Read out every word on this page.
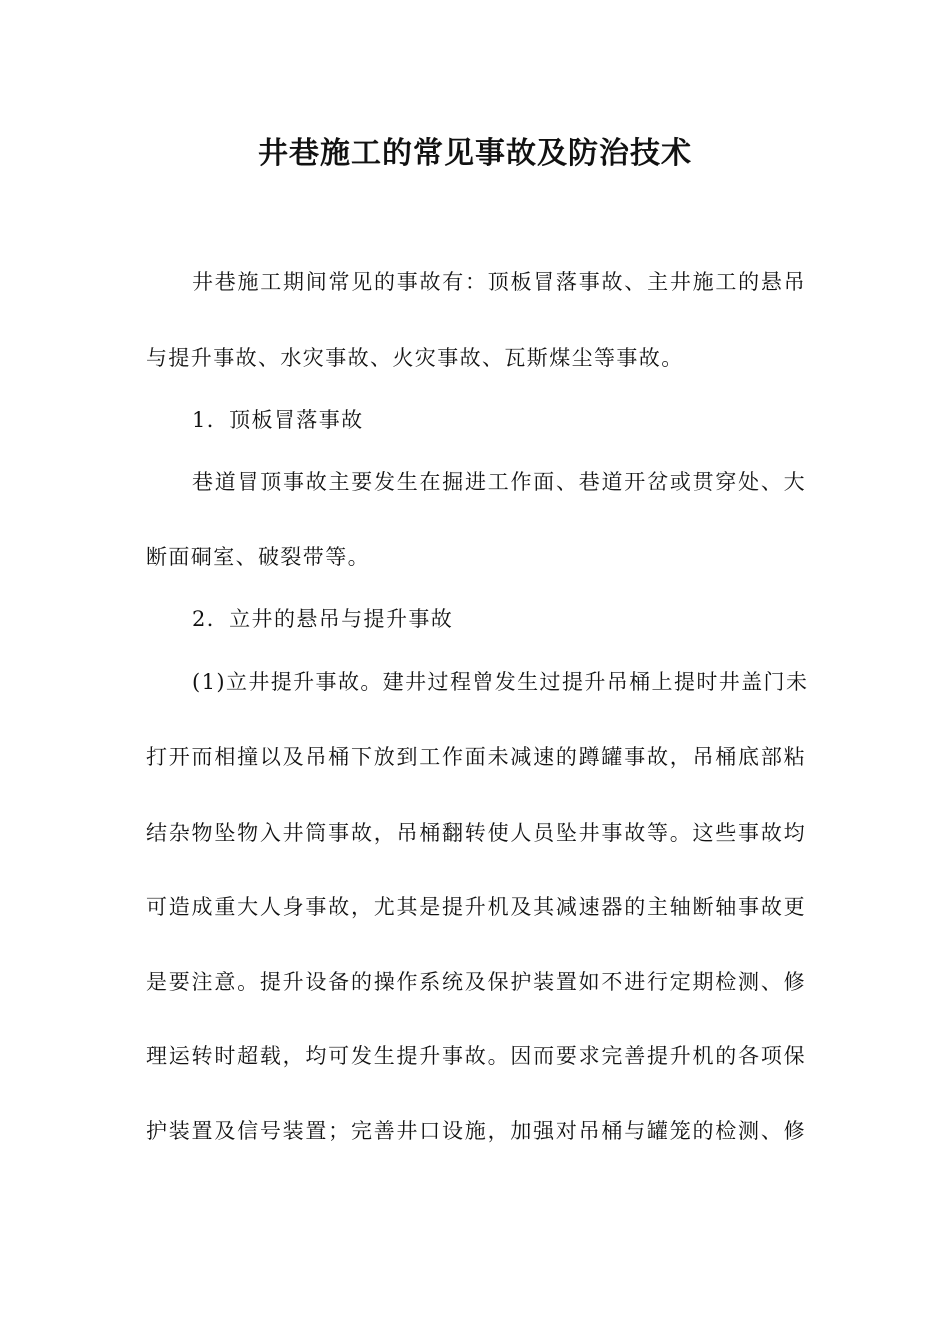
井巷施工的常见事故及防治技术
井巷施工期间常见的事故有：顶板冒落事故、主井施工的悬吊
与提升事故、水灾事故、火灾事故、瓦斯煤尘等事故。
1．顶板冒落事故
巷道冒顶事故主要发生在掘进工作面、巷道开岔或贯穿处、大
断面硐室、破裂带等。
2．立井的悬吊与提升事故
(1)立井提升事故。建井过程曾发生过提升吊桶上提时井盖门未
打开而相撞以及吊桶下放到工作面未减速的蹲罐事故，吊桶底部粘
结杂物坠物入井筒事故，吊桶翻转使人员坠井事故等。这些事故均
可造成重大人身事故，尤其是提升机及其减速器的主轴断轴事故更
是要注意。提升设备的操作系统及保护装置如不进行定期检测、修
理运转时超载，均可发生提升事故。因而要求完善提升机的各项保
护装置及信号装置；完善井口设施，加强对吊桶与罐笼的检测、修
